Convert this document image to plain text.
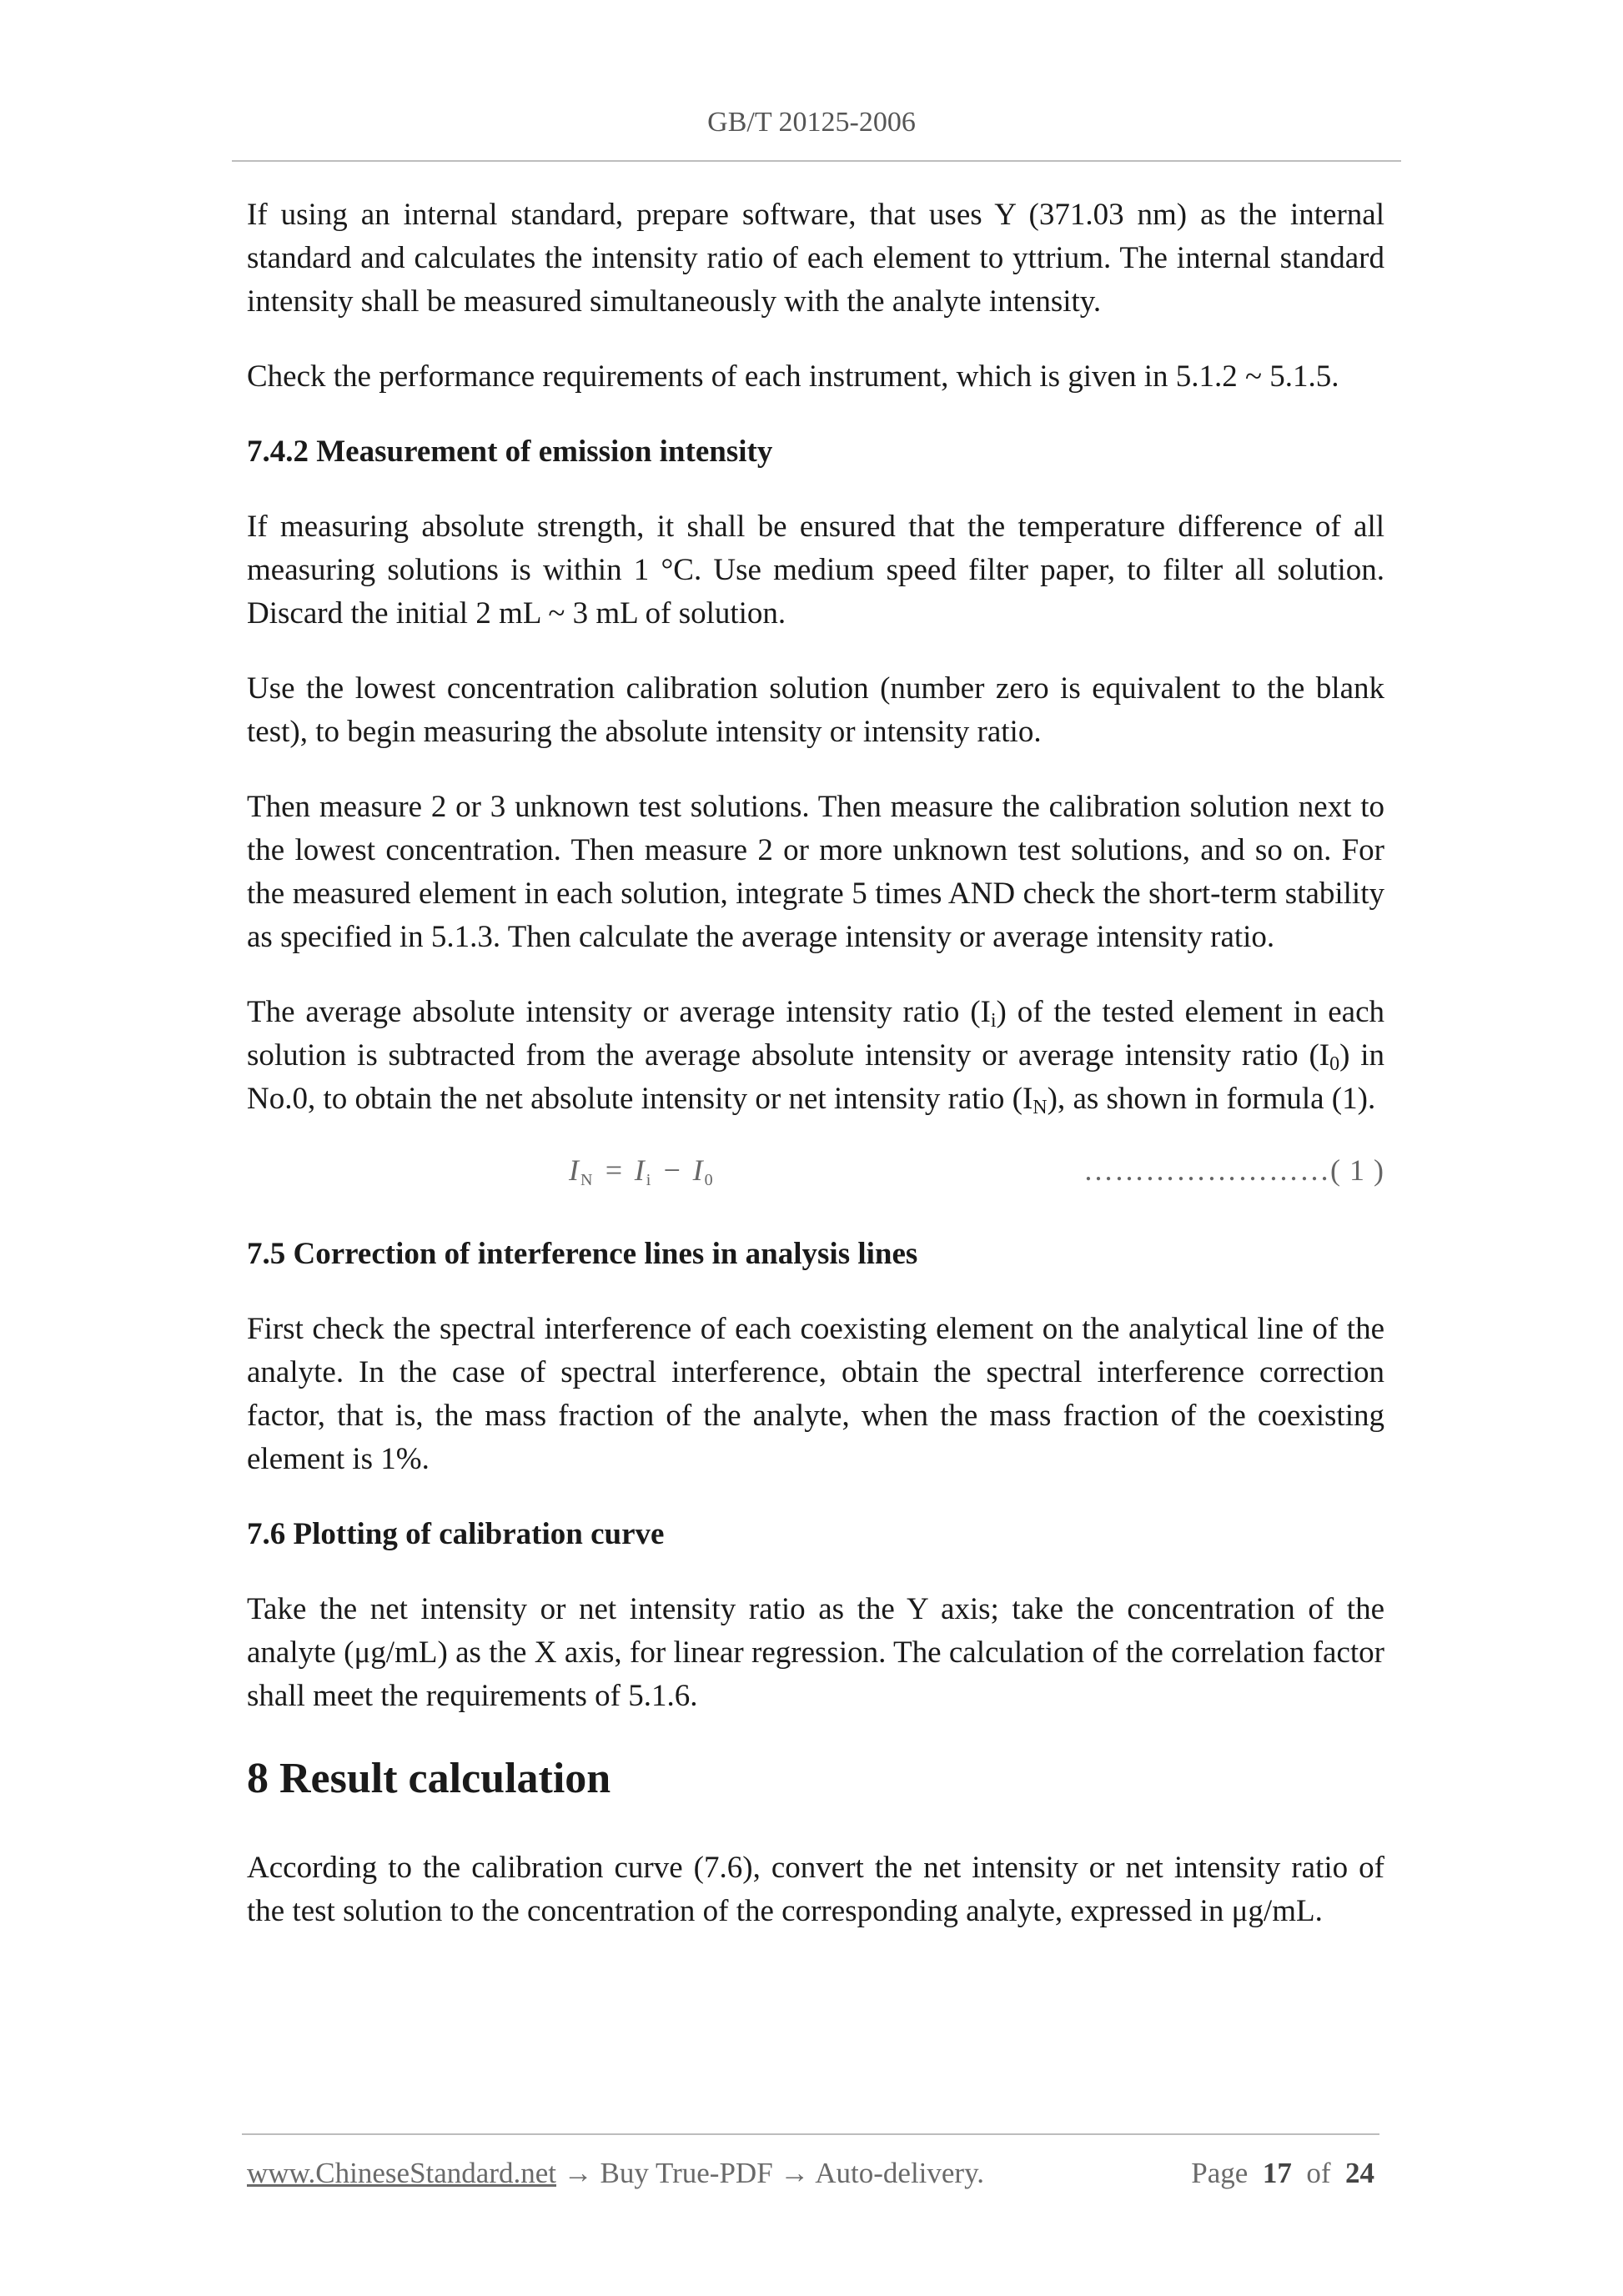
GB/T 20125-2006

If using an internal standard, prepare software, that uses Y (371.03 nm) as the internal standard and calculates the intensity ratio of each element to yttrium. The internal standard intensity shall be measured simultaneously with the analyte intensity.

Check the performance requirements of each instrument, which is given in 5.1.2 ~ 5.1.5.

7.4.2 Measurement of emission intensity

If measuring absolute strength, it shall be ensured that the temperature difference of all measuring solutions is within 1 °C. Use medium speed filter paper, to filter all solution. Discard the initial 2 mL ~ 3 mL of solution.

Use the lowest concentration calibration solution (number zero is equivalent to the blank test), to begin measuring the absolute intensity or intensity ratio.

Then measure 2 or 3 unknown test solutions. Then measure the calibration solution next to the lowest concentration. Then measure 2 or more unknown test solutions, and so on. For the measured element in each solution, integrate 5 times AND check the short-term stability as specified in 5.1.3. Then calculate the average intensity or average intensity ratio.

The average absolute intensity or average intensity ratio $(I_i)$ of the tested element in each solution is subtracted from the average absolute intensity or average intensity ratio $(I_0)$ in No.0, to obtain the net absolute intensity or net intensity ratio $(I_N)$, as shown in formula (1).

$I_N = I_i - I_0$	……………………( 1 )
7.5 Correction of interference lines in analysis lines

First check the spectral interference of each coexisting element on the analytical line of the analyte. In the case of spectral interference, obtain the spectral interference correction factor, that is, the mass fraction of the analyte, when the mass fraction of the coexisting element is 1%.

7.6 Plotting of calibration curve

Take the net intensity or net intensity ratio as the Y axis; take the concentration of the analyte (μg/mL) as the X axis, for linear regression. The calculation of the correlation factor shall meet the requirements of 5.1.6.

8 Result calculation

According to the calibration curve (7.6), convert the net intensity or net intensity ratio of the test solution to the concentration of the corresponding analyte, expressed in μg/mL.

www.ChineseStandard.net → Buy True-PDF → Auto-delivery.	Page 17 of 24
